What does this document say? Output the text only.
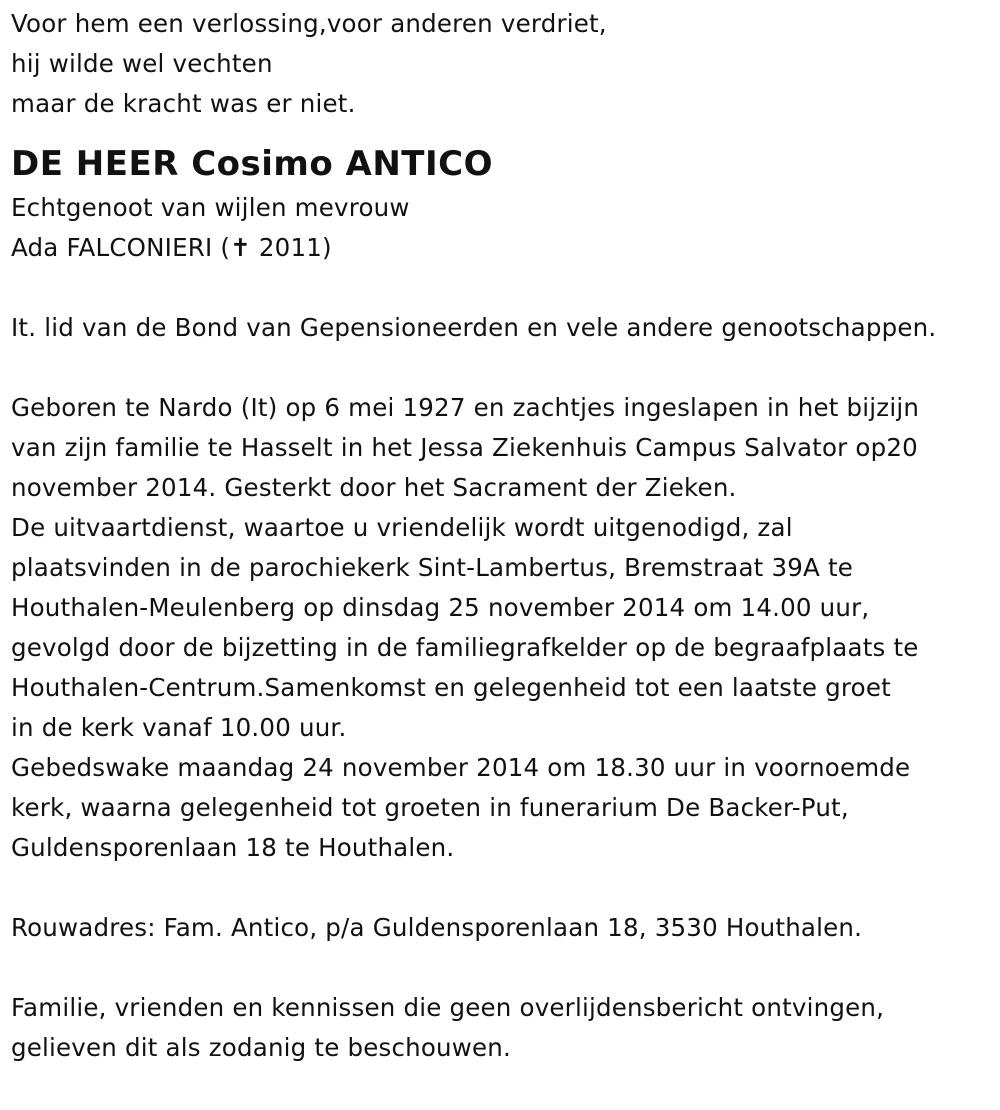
Voor hem een verlossing,voor anderen verdriet,
hij wilde wel vechten
maar de kracht was er niet.
DE HEER Cosimo ANTICO
Echtgenoot van wijlen mevrouw
Ada FALCONIERI (✝ 2011)
It. lid van de Bond van Gepensioneerden en vele andere genootschappen.
Geboren te Nardo (It) op 6 mei 1927 en zachtjes ingeslapen in het bijzijn
van zijn familie te Hasselt in het Jessa Ziekenhuis Campus Salvator op20
november 2014. Gesterkt door het Sacrament der Zieken.
De uitvaartdienst, waartoe u vriendelijk wordt uitgenodigd, zal
plaatsvinden in de parochiekerk Sint-Lambertus, Bremstraat 39A te
Houthalen-Meulenberg op dinsdag 25 november 2014 om 14.00 uur,
gevolgd door de bijzetting in de familiegrafkelder op de begraafplaats te
Houthalen-Centrum.Samenkomst en gelegenheid tot een laatste groet
in de kerk vanaf 10.00 uur.
Gebedswake maandag 24 november 2014 om 18.30 uur in voornoemde
kerk, waarna gelegenheid tot groeten in funerarium De Backer-Put,
Guldensporenlaan 18 te Houthalen.
Rouwadres: Fam. Antico, p/a Guldensporenlaan 18, 3530 Houthalen.
Familie, vrienden en kennissen die geen overlijdensbericht ontvingen,
gelieven dit als zodanig te beschouwen.
